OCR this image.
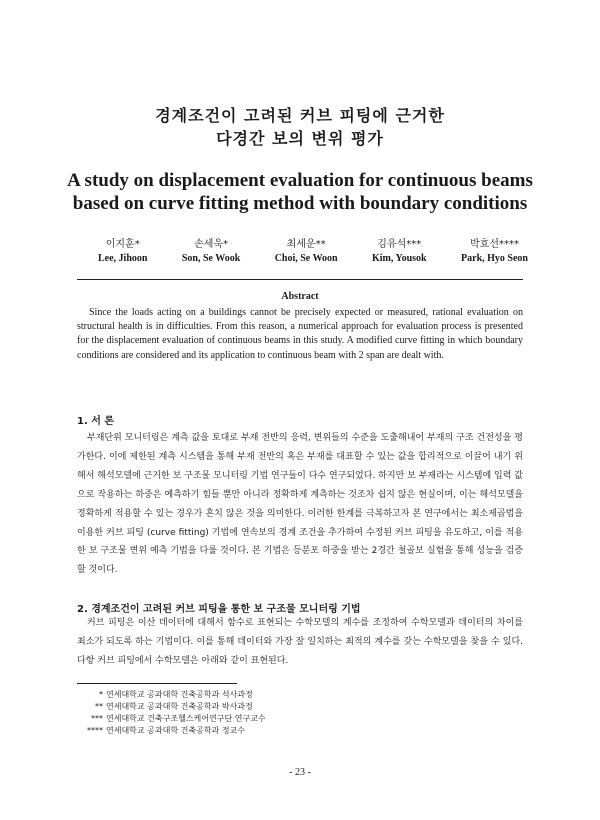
경계조건이 고려된 커브 피팅에 근거한
다경간 보의 변위 평가
A study on displacement evaluation for continuous beams
based on curve fitting method with boundary conditions
이지훈*
Lee, Jihoon
손세욱*
Son, Se Wook
최세운**
Choi, Se Woon
김유석***
Kim, Yousok
박효선****
Park, Hyo Seon
Abstract

Since the loads acting on a buildings cannot be precisely expected or measured, rational evaluation on structural health is in difficulties. From this reason, a numerical approach for evaluation process is presented for the displacement evaluation of continuous beams in this study. A modified curve fitting in which boundary conditions are considered and its application to continuous beam with 2 span are dealt with.

1. 서 론

부재단위 모니터링은 계측 값을 토대로 부재 전반의 응력, 변위들의 수준을 도출해내어 부재의 구조 건전성을 평가한다. 이에 제한된 계측 시스템을 통해 부재 전반의 혹은 부재를 대표할 수 있는 값을 합리적으로 이끌어 내기 위해서 해석모델에 근거한 보 구조물 모니터링 기법 연구들이 다수 연구되었다. 하지만 보 부재라는 시스템에 입력 값으로 작용하는 하중은 예측하기 힘들 뿐만 아니라 정확하게 계측하는 것조차 쉽지 않은 현실이며, 이는 해석모델을 정확하게 적용할 수 있는 경우가 흔치 않은 것을 의미한다. 이러한 한계를 극복하고자 본 연구에서는 최소제곱법을 이용한 커브 피팅 (curve fitting) 기법에 연속보의 경계 조건을 추가하여 수정된 커브 피팅을 유도하고, 이를 적용한 보 구조물 변위 예측 기법을 다룰 것이다. 본 기법은 등분포 하중을 받는 2경간 철골보 실험을 통해 성능을 검증할 것이다.

2. 경계조건이 고려된 커브 피팅을 통한 보 구조물 모니터링 기법

커브 피팅은 이산 데이터에 대해서 함수로 표현되는 수학모델의 계수를 조정하여 수학모델과 데이터의 차이를 최소가 되도록 하는 기법이다. 이를 통해 데이터와 가장 잘 일치하는 최적의 계수를 갖는 수학모델을 찾을 수 있다. 다항 커브 피팅에서 수학모델은 아래와 같이 표현된다.

* 연세대학교 공과대학 건축공학과 석사과정
** 연세대학교 공과대학 건축공학과 박사과정
*** 연세대학교 건축구조헬스케어연구단 연구교수
**** 연세대학교 공과대학 건축공학과 정교수
- 23 -
